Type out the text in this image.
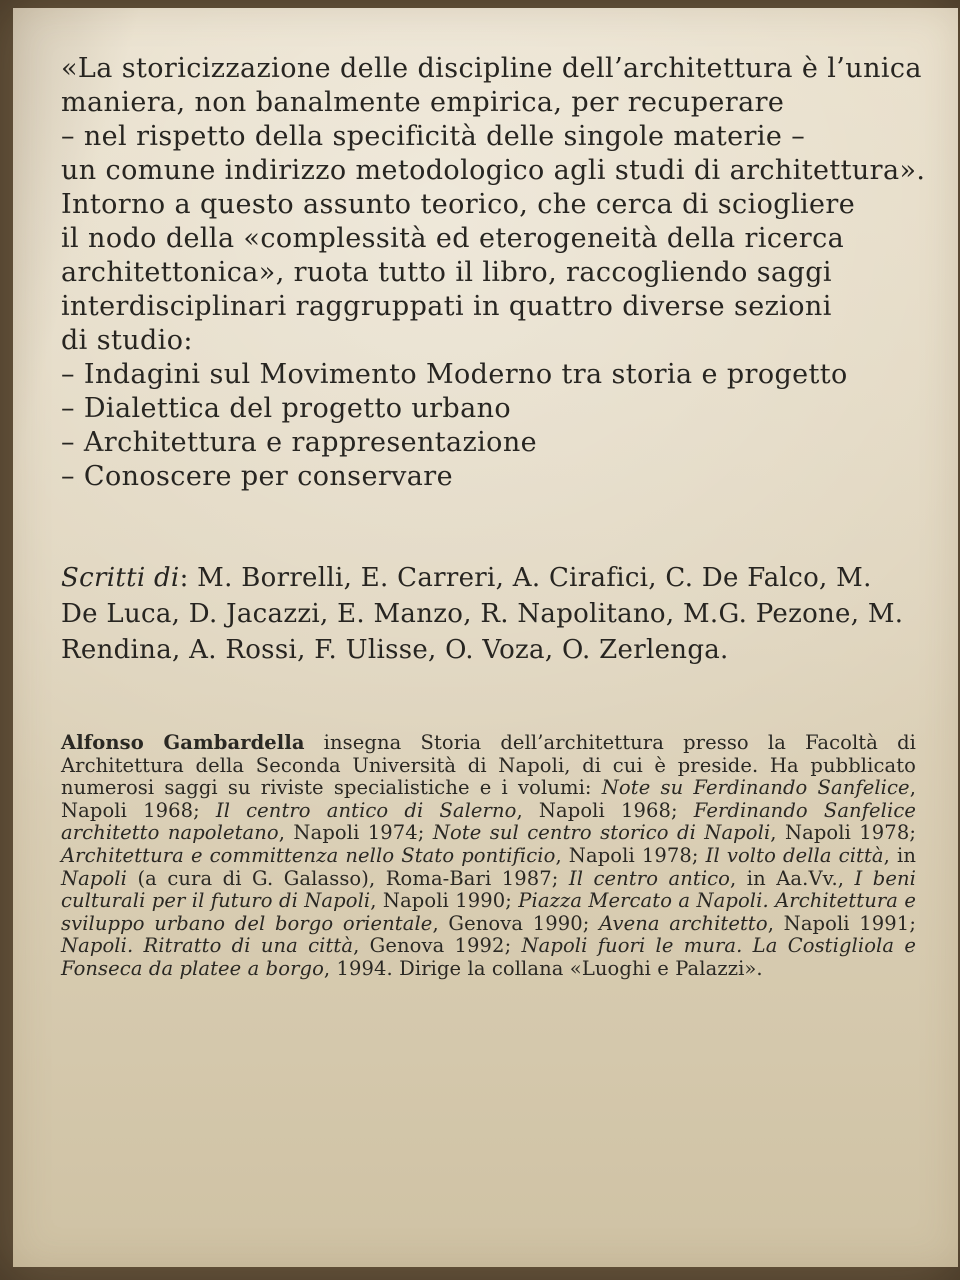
«La storicizzazione delle discipline dell’architettura è l’unica
maniera, non banalmente empirica, per recuperare
– nel rispetto della specificità delle singole materie –
un comune indirizzo metodologico agli studi di architettura».
Intorno a questo assunto teorico, che cerca di sciogliere
il nodo della «complessità ed eterogeneità della ricerca
architettonica», ruota tutto il libro, raccogliendo saggi
interdisciplinari raggruppati in quattro diverse sezioni
di studio:
– Indagini sul Movimento Moderno tra storia e progetto
– Dialettica del progetto urbano
– Architettura e rappresentazione
– Conoscere per conservare
Scritti di: M. Borrelli, E. Carreri, A. Cirafici, C. De Falco, M. De Luca, D. Jacazzi, E. Manzo, R. Napolitano, M.G. Pezone, M. Rendina, A. Rossi, F. Ulisse, O. Voza, O. Zerlenga.
Alfonso Gambardella insegna Storia dell’architettura presso la Facoltà di Architettura della Seconda Università di Napoli, di cui è preside. Ha pubblicato numerosi saggi su riviste specialistiche e i volumi: Note su Ferdinando Sanfelice, Napoli 1968; Il centro antico di Salerno, Napoli 1968; Ferdinando Sanfelice architetto napoletano, Napoli 1974; Note sul centro storico di Napoli, Napoli 1978; Architettura e committenza nello Stato pontificio, Napoli 1978; Il volto della città, in Napoli (a cura di G. Galasso), Roma-Bari 1987; Il centro antico, in Aa.Vv., I beni culturali per il futuro di Napoli, Napoli 1990; Piazza Mercato a Napoli. Architettura e sviluppo urbano del borgo orientale, Genova 1990; Avena architetto, Napoli 1991; Napoli. Ritratto di una città, Genova 1992; Napoli fuori le mura. La Costigliola e Fonseca da platee a borgo, 1994. Dirige la collana «Luoghi e Palazzi».
